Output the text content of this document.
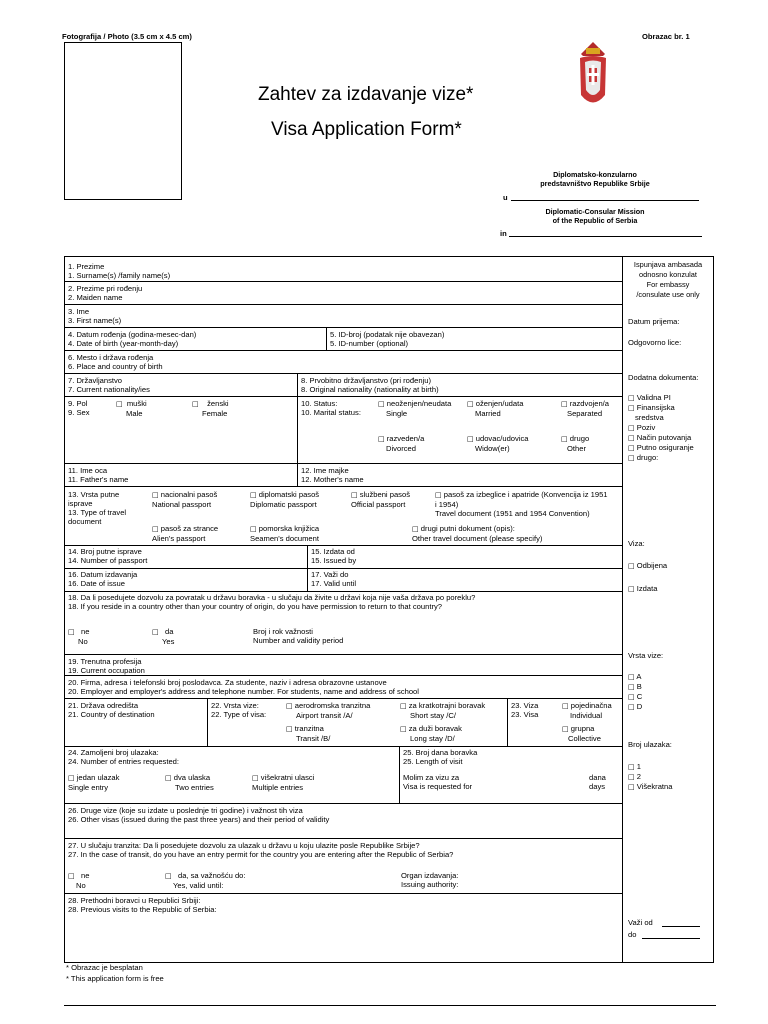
Fotografija / Photo (3.5 cm x 4.5 cm)	Obrazac br. 1
Zahtev za izdavanje vize*
Visa Application Form*
Diplomatsko-konzularno
predstavništvo Republike Srbije
u
Diplomatic-Consular Mission
of the Republic of Serbia
in
1. Prezime
1. Surname(s) /family name(s)
2. Prezime pri rođenju
2. Maiden name
3. Ime
3. First name(s)
4. Datum rođenja (godina-mesec-dan)
4. Date of birth (year-month-day)
5. ID-broj (podatak nije obavezan)
5. ID-number (optional)
6. Mesto i država rođenja
6. Place and country of birth
7. Državljanstvo
7. Current nationality/ies
8. Prvobitno državljanstvo (pri rođenju)
8. Original nationality (nationality at birth)
9. Pol
9. Sex
□ muški
Male
□ ženski
Female
10. Status:
10. Marital status:
□ neoženjen/neudata
Single
□ oženjen/udata
Married
□ razdvojen/a
Separated
□ razveden/a
Divorced
□ udovac/udovica
Widow(er)
□ drugo
Other
11. Ime oca
11. Father's name
12. Ime majke
12. Mother's name
13. Vrsta putne
isprave
13. Type of travel
document
□ nacionalni pasoš
National passport
□ diplomatski pasoš
Diplomatic passport
□ službeni pasoš
Official passport
□ pasoš za izbeglice i apatride (Konvencija iz 1951
i 1954)
Travel document (1951 and 1954 Convention)
□ pasoš za strance
Alien's passport
□ pomorska knjižica
Seamen's document
□ drugi putni dokument (opis):
Other travel document (please specify)
14. Broj putne isprave
14. Number of passport
15. Izdata od
15. Issued by
16. Datum izdavanja
16. Date of issue
17. Važi do
17. Valid until
18. Da li posedujete dozvolu za povratak u državu boravka - u slučaju da živite u državi koja nije vaša država po poreklu?
18. If you reside in a country other than your country of origin, do you have permission to return to that country?
□ ne
No
□ da
Yes
Broj i rok važnosti
Number and validity period
19. Trenutna profesija
19. Current occupation
20. Firma, adresa i telefonski broj poslodavca. Za studente, naziv i adresa obrazovne ustanove
20. Employer and employer's address and telephone number. For students, name and address of school
21. Država odredišta
21. Country of destination
22. Vrsta vize:
22. Type of visa:
□ aerodromska tranzitna
Airport transit /A/
□ tranzitna
Transit /B/
□ za kratkotrajni boravak
Short stay /C/
□ za duži boravak
Long stay /D/
23. Viza
23. Visa
□ pojedinačna
Individual
□ grupna
Collective
24. Zamoljeni broj ulazaka:
24. Number of entries requested:
□ jedan ulazak
Single entry
□ dva ulaska
Two entries
□ višekratni ulasci
Multiple entries
25. Broj dana boravka
25. Length of visit
Molim za vizu za
Visa is requested for
dana
days
26. Druge vize (koje su izdate u poslednje tri godine) i važnost tih viza
26. Other visas (issued during the past three years) and their period of validity
27. U slučaju tranzita: Da li posedujete dozvolu za ulazak u državu u koju ulazite posle Republike Srbije?
27. In the case of transit, do you have an entry permit for the country you are entering after the Republic of Serbia?
□ ne
No
□ da, sa važnošću do:
Yes, valid until:
Organ izdavanja:
Issuing authority:
28. Prethodni boravci u Republici Srbiji:
28. Previous visits to the Republic of Serbia:
Ispunjava ambasada
odnosno konzulat
For embassy
/consulate use only
Datum prijema:
Odgovorno lice:
Dodatna dokumenta:
□ Validna PI
□ Finansijska
sredstva
□ Poziv
□ Način putovanja
□ Putno osiguranje
□ drugo:
Viza:
□ Odbijena
□ Izdata
Vrsta vize:
□ A
□ B
□ C
□ D
Broj ulazaka:
□ 1
□ 2
□ Višekratna
Važi od
do
* Obrazac je besplatan
* This application form is free
